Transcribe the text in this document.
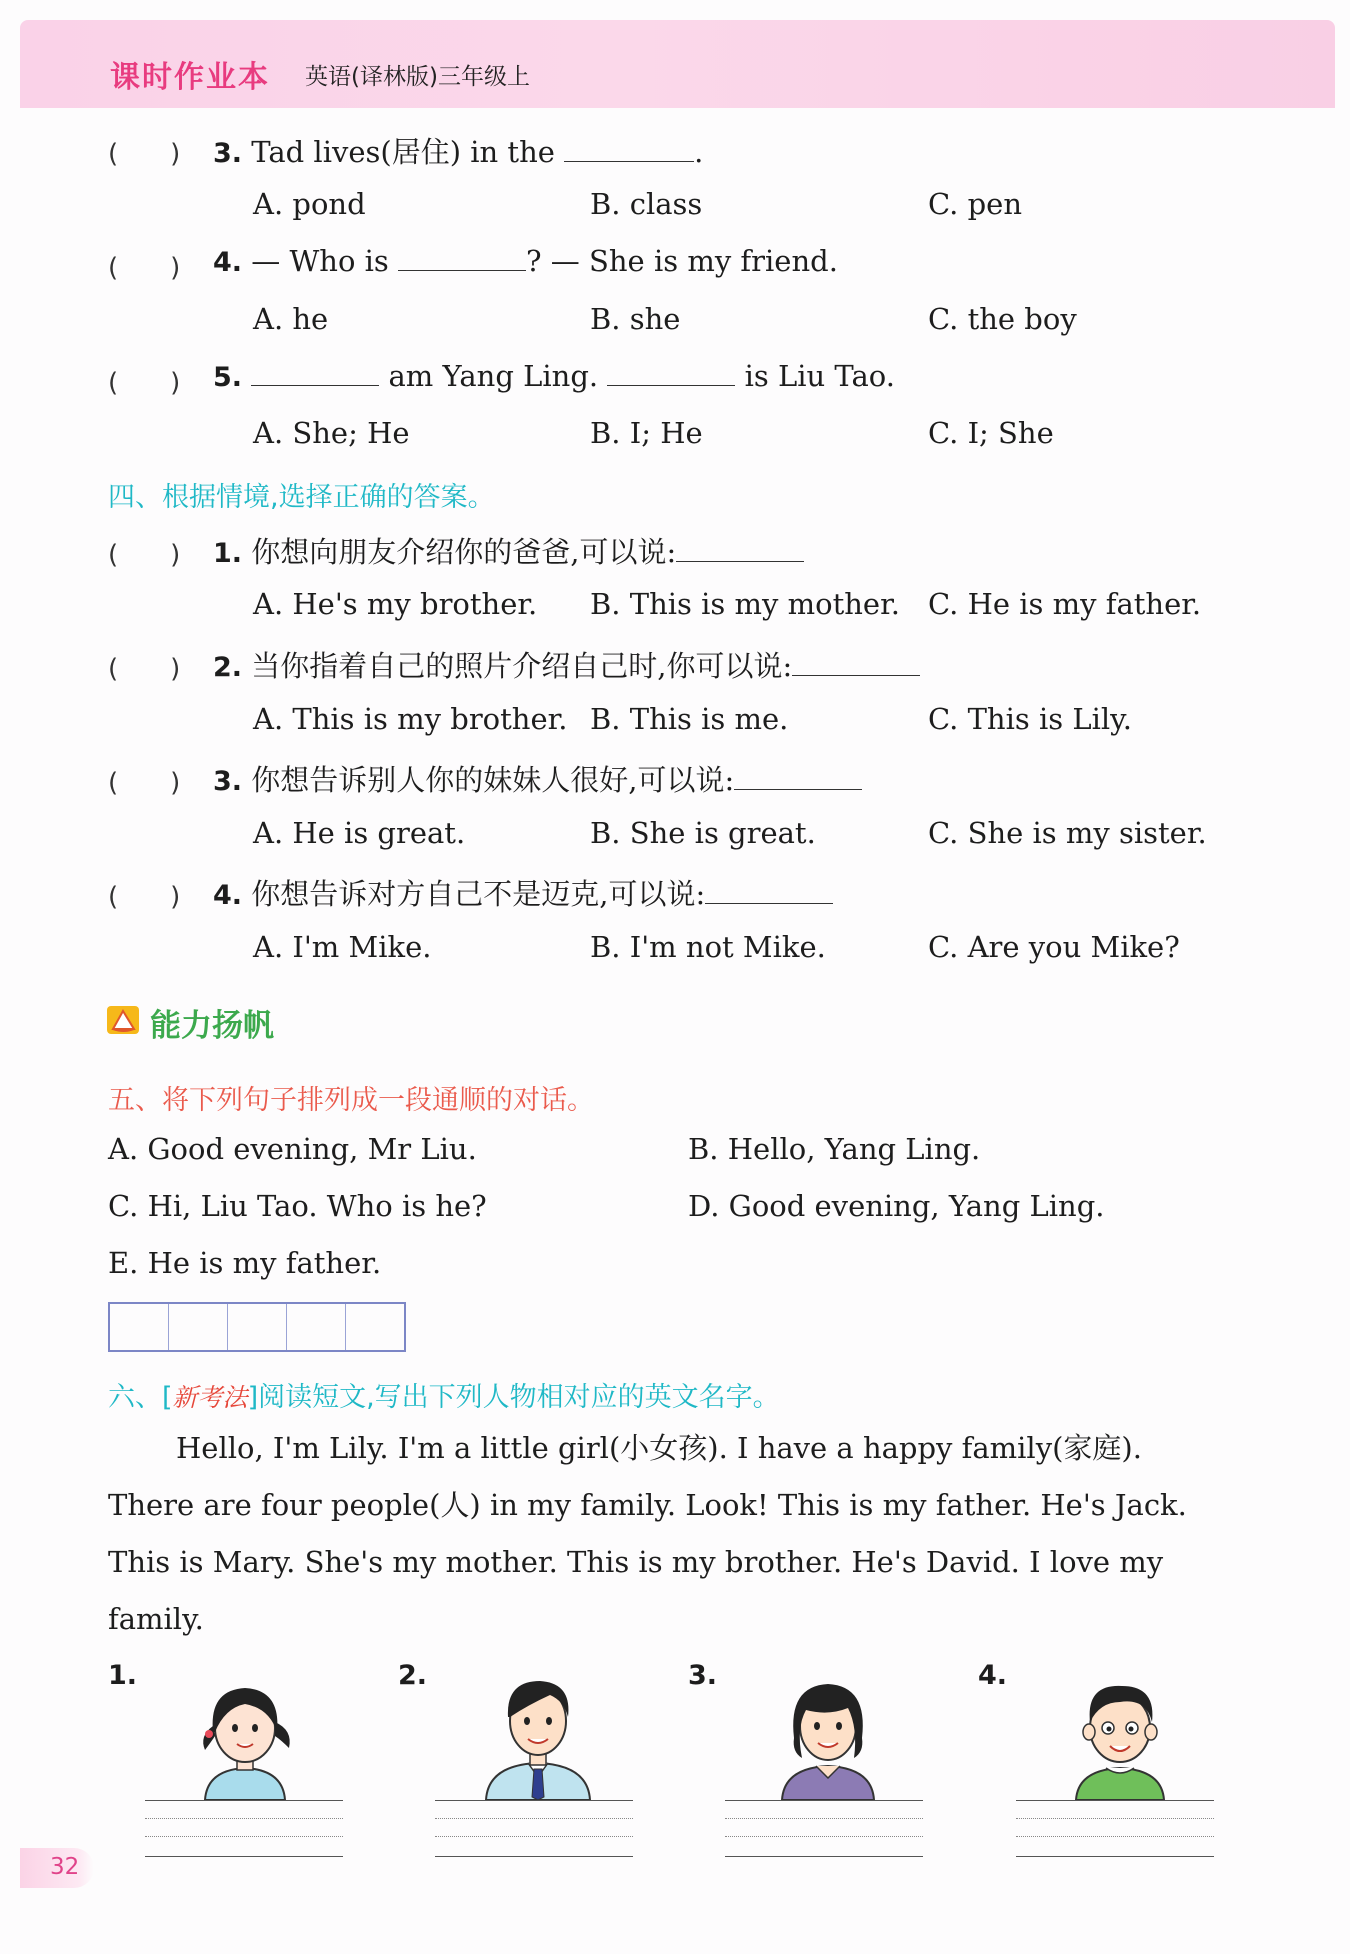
课时作业本 英语(译林版)三年级上
(　　) 3. Tad lives(居住) in the	.
A. pond	B. class	C. pen
(　　) 4. — Who is	? — She is my friend.
A. he	B. she	C. the boy
(　　) 5.	am Yang Ling.	is Liu Tao.
A. She; He	B. I; He	C. I; She
四、根据情境,选择正确的答案。
(　　) 1. 你想向朋友介绍你的爸爸,可以说:
A. He's my brother. B. This is my mother. C. He is my father.
(　　) 2. 当你指着自己的照片介绍自己时,你可以说:
A. This is my brother. B. This is me.	C. This is Lily.
(　　) 3. 你想告诉别人你的妹妹人很好,可以说:
A. He is great.	B. She is great.	C. She is my sister.
(　　) 4. 你想告诉对方自己不是迈克,可以说:
A. I'm Mike.	B. I'm not Mike.	C. Are you Mike?
能力扬帆
五、将下列句子排列成一段通顺的对话。
A. Good evening, Mr Liu.	B. Hello, Yang Ling.
C. Hi, Liu Tao. Who is he?	D. Good evening, Yang Ling.
E. He is my father.
六、[新考法]阅读短文,写出下列人物相对应的英文名字。
Hello, I'm Lily. I'm a little girl(小女孩). I have a happy family(家庭).
There are four people(人) in my family. Look! This is my father. He's Jack.
This is Mary. She's my mother. This is my brother. He's David. I love my
family.
1.	2.	3.	4.
32
